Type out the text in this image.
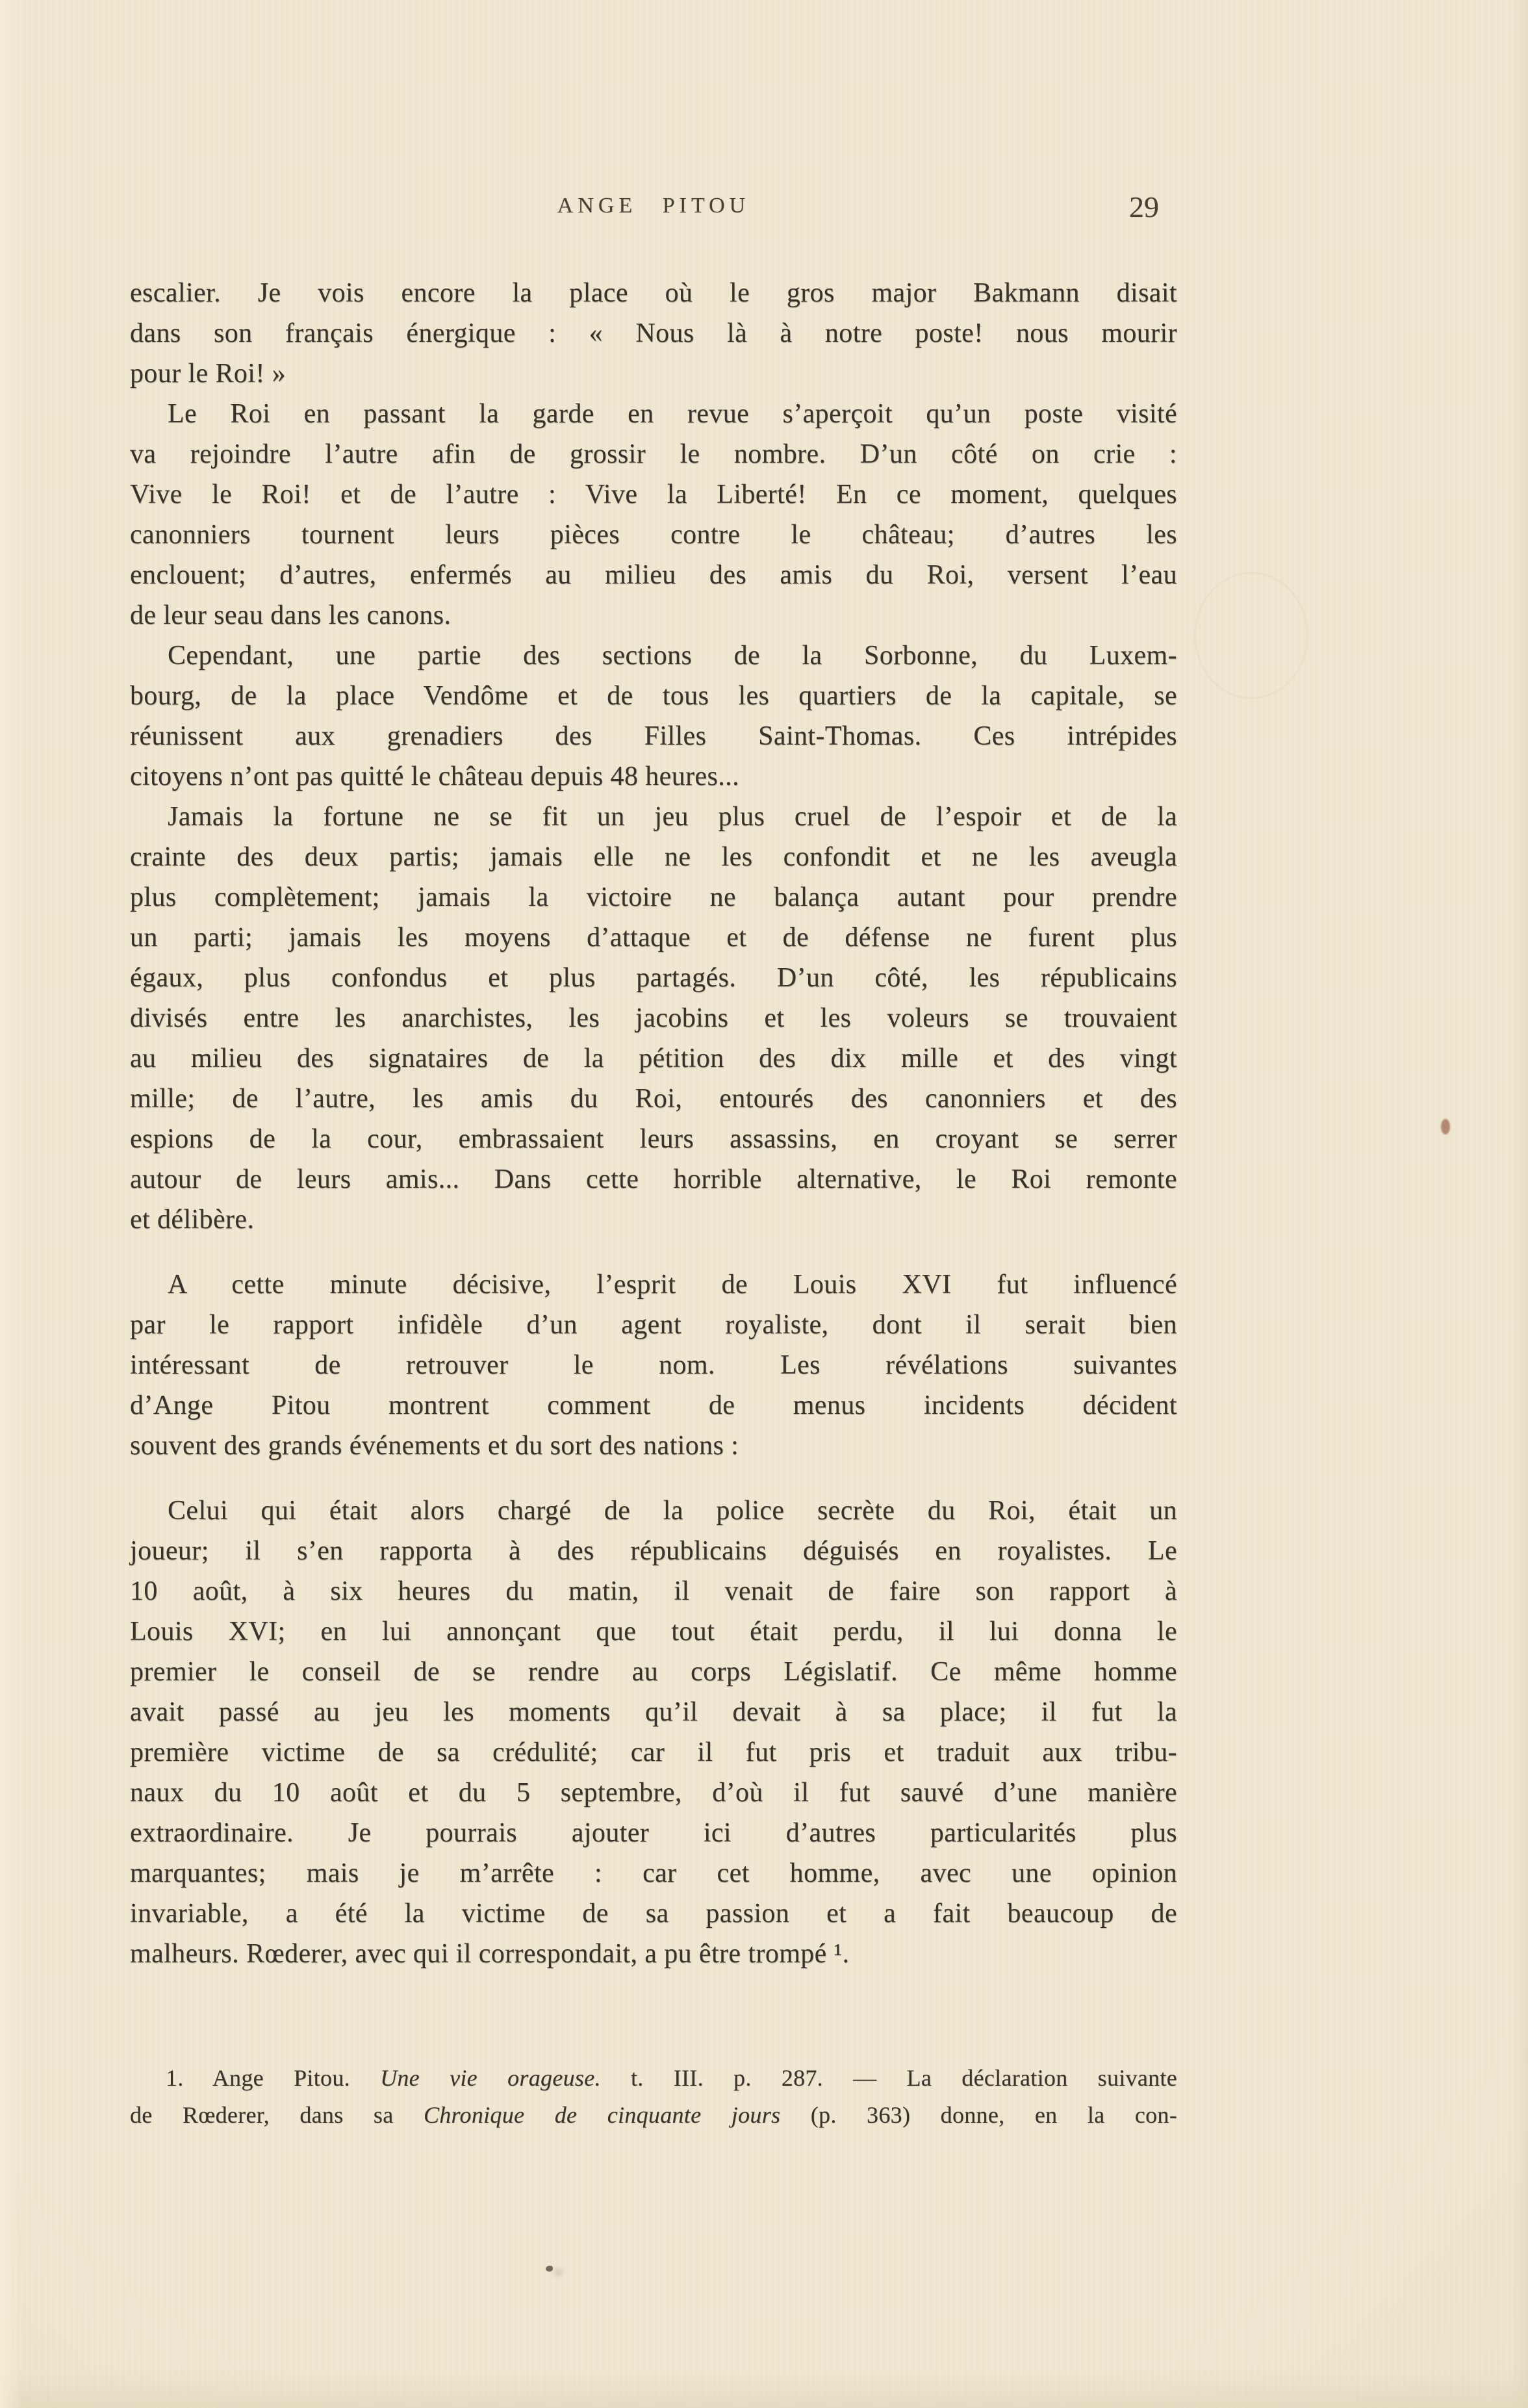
ANGE PITOU	29

escalier. Je vois encore la place où le gros major Bakmann disait
dans son français énergique : « Nous là à notre poste! nous mourir
pour le Roi! »

Le Roi en passant la garde en revue s’aperçoit qu’un poste visité
va rejoindre l’autre afin de grossir le nombre. D’un côté on crie :
Vive le Roi! et de l’autre : Vive la Liberté! En ce moment, quelques
canonniers tournent leurs pièces contre le château; d’autres les
enclouent; d’autres, enfermés au milieu des amis du Roi, versent l’eau
de leur seau dans les canons.

Cependant, une partie des sections de la Sorbonne, du Luxem-
bourg, de la place Vendôme et de tous les quartiers de la capitale, se
réunissent aux grenadiers des Filles Saint-Thomas. Ces intrépides
citoyens n’ont pas quitté le château depuis 48 heures...

Jamais la fortune ne se fit un jeu plus cruel de l’espoir et de la
crainte des deux partis; jamais elle ne les confondit et ne les aveugla
plus complètement; jamais la victoire ne balança autant pour prendre
un parti; jamais les moyens d’attaque et de défense ne furent plus
égaux, plus confondus et plus partagés. D’un côté, les républicains
divisés entre les anarchistes, les jacobins et les voleurs se trouvaient
au milieu des signataires de la pétition des dix mille et des vingt
mille; de l’autre, les amis du Roi, entourés des canonniers et des
espions de la cour, embrassaient leurs assassins, en croyant se serrer
autour de leurs amis... Dans cette horrible alternative, le Roi remonte
et délibère.

A cette minute décisive, l’esprit de Louis XVI fut influencé
par le rapport infidèle d’un agent royaliste, dont il serait bien
intéressant de retrouver le nom. Les révélations suivantes
d’Ange Pitou montrent comment de menus incidents décident
souvent des grands événements et du sort des nations :

Celui qui était alors chargé de la police secrète du Roi, était un
joueur; il s’en rapporta à des républicains déguisés en royalistes. Le
10 août, à six heures du matin, il venait de faire son rapport à
Louis XVI; en lui annonçant que tout était perdu, il lui donna le
premier le conseil de se rendre au corps Législatif. Ce même homme
avait passé au jeu les moments qu’il devait à sa place; il fut la
première victime de sa crédulité; car il fut pris et traduit aux tribu-
naux du 10 août et du 5 septembre, d’où il fut sauvé d’une manière
extraordinaire. Je pourrais ajouter ici d’autres particularités plus
marquantes; mais je m’arrête : car cet homme, avec une opinion
invariable, a été la victime de sa passion et a fait beaucoup de
malheurs. Rœderer, avec qui il correspondait, a pu être trompé ¹.

1. Ange Pitou. Une vie orageuse. t. III. p. 287. — La déclaration suivante
de Rœderer, dans sa Chronique de cinquante jours (p. 363) donne, en la con-
